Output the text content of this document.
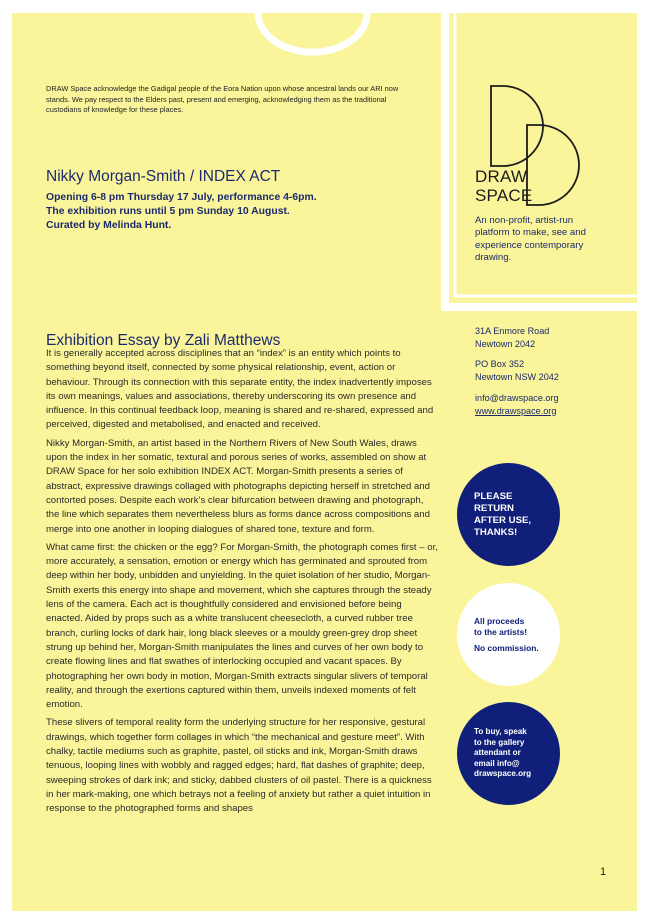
DRAW Space acknowledge the Gadigal people of the Eora Nation upon whose ancestral lands our ARI now stands. We pay respect to the Elders past, present and emerging, acknowledging them as the traditional custodians of knowledge for these places.
DRAW
SPACE
An non-profit, artist-run platform to make, see and experience contemporary drawing.
Nikky Morgan-Smith / INDEX ACT
Opening 6-8 pm Thursday 17 July, performance 4-6pm.
The exhibition runs until 5 pm Sunday 10 August.
Curated by Melinda Hunt.
Exhibition Essay by Zali Matthews

It is generally accepted across disciplines that an “index” is an entity which points to something beyond itself, connected by some physical relationship, event, action or behaviour. Through its connection with this separate entity, the index inadvertently imposes its own meanings, values and associations, thereby underscoring its own presence and influence. In this continual feedback loop, meaning is shared and re-shared, expressed and perceived, digested and metabolised, and enacted and received.

Nikky Morgan-Smith, an artist based in the Northern Rivers of New South Wales, draws upon the index in her somatic, textural and porous series of works, assembled on show at DRAW Space for her solo exhibition INDEX ACT. Morgan-Smith presents a series of abstract, expressive drawings collaged with photographs depicting herself in stretched and contorted poses. Despite each work’s clear bifurcation between drawing and photograph, the line which separates them nevertheless blurs as forms dance across compositions and merge into one another in looping dialogues of shared tone, texture and form.

What came first: the chicken or the egg? For Morgan-Smith, the photograph comes first – or, more accurately, a sensation, emotion or energy which has germinated and sprouted from deep within her body, unbidden and unyielding. In the quiet isolation of her studio, Morgan-Smith exerts this energy into shape and movement, which she captures through the steady lens of the camera. Each act is thoughtfully considered and envisioned before being enacted. Aided by props such as a white translucent cheesecloth, a curved rubber tree branch, curling locks of dark hair, long black sleeves or a mouldy green-grey drop sheet strung up behind her, Morgan-Smith manipulates the lines and curves of her own body to create flowing lines and flat swathes of interlocking occupied and vacant spaces. By photographing her own body in motion, Morgan-Smith extracts singular slivers of temporal reality, and through the exertions captured within them, unveils indexed moments of felt emotion.

These slivers of temporal reality form the underlying structure for her responsive, gestural drawings, which together form collages in which “the mechanical and gesture meet”. With chalky, tactile mediums such as graphite, pastel, oil sticks and ink, Morgan-Smith draws tenuous, looping lines with wobbly and ragged edges; hard, flat dashes of graphite; deep, sweeping strokes of dark ink; and sticky, dabbed clusters of oil pastel. There is a quickness in her mark-making, one which betrays not a feeling of anxiety but rather a quiet intuition in response to the photographed forms and shapes

31A Enmore Road
Newtown 2042
PO Box 352
Newtown NSW 2042
info@drawspace.org
www.drawspace.org
PLEASE
RETURN
AFTER USE,
THANKS!
All proceeds
to the artists!
No commission.
To buy, speak
to the gallery
attendant or
email info@
drawspace.org
1
